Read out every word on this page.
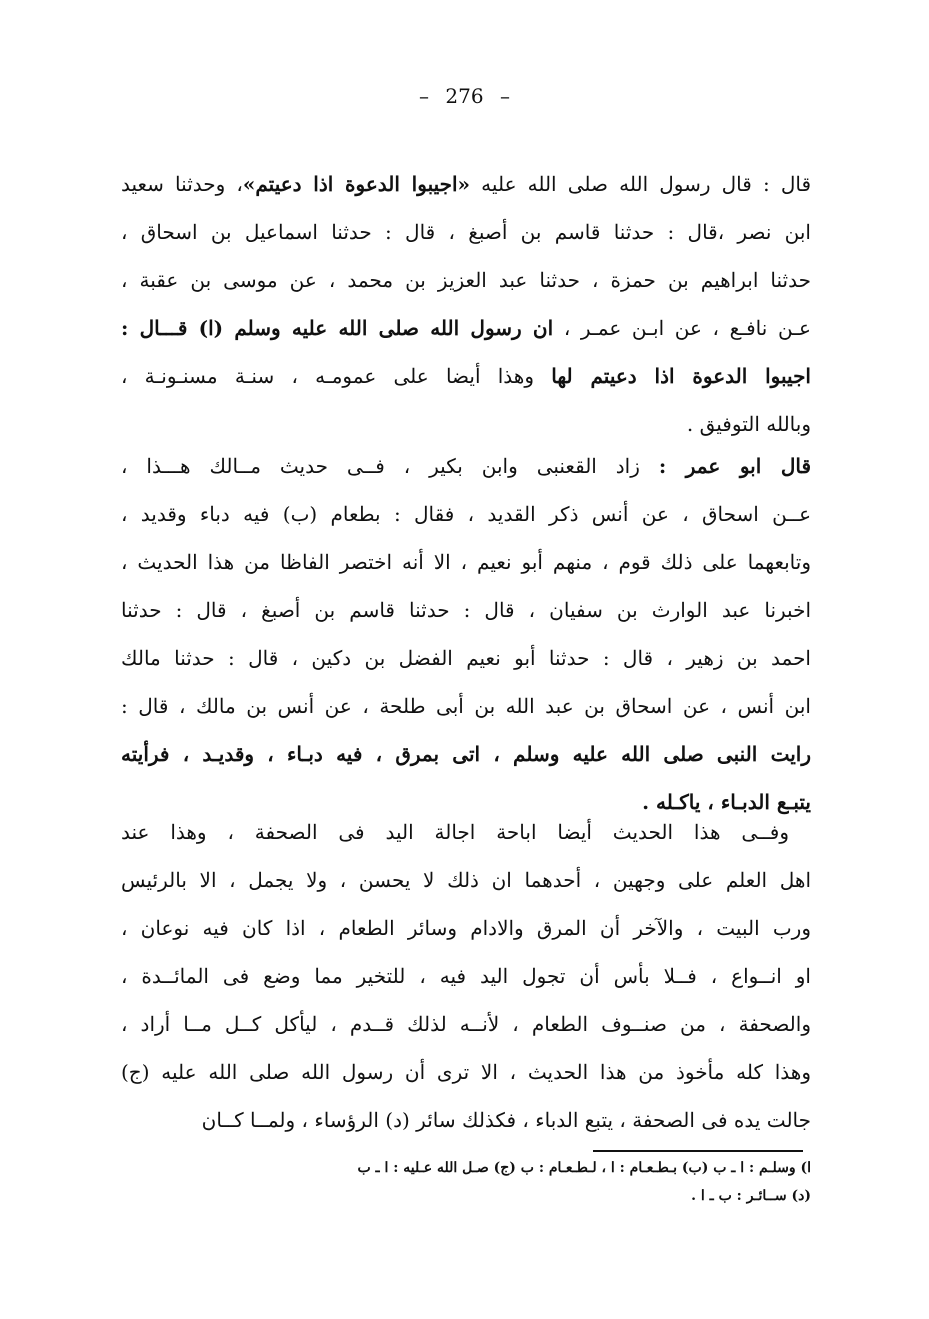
– 276 –
قال : قال رسول الله صلى الله عليه «اجيبوا الدعوة اذا دعيتم»، وحدثنا سعيد
ابن نصر ،قال : حدثنا قاسم بن أصبغ ، قال : حدثنا اسماعيل بن اسحاق ،
حدثنا ابراهيم بن حمزة ، حدثنا عبد العزيز بن محمد ، عن موسى بن عقبة ،
عـن نافـع ، عن ابـن عمـر ، ان رسول الله صلى الله عليه وسلم (ا) قـــال :
اجيبوا الدعوة اذا دعيتم لها وهذا أيضا على عمومـه ، سنـة مسنـونـة ،
وبالله التوفيق .
قال ابو عمر : زاد القعنبى وابن بكير ، فــى حديث مــالك هـــذا ،
عــن اسحاق ، عن أنس ذكر القديد ، فقال : بطعام (ب) فيه دباء وقديد ،
وتابعهما على ذلك قوم ، منهم أبو نعيم ، الا أنه اختصر الفاظا من هذا الحديث ،
اخبرنا عبد الوارث بن سفيان ، قال : حدثنا قاسم بن أصبغ ، قال : حدثنا
احمد بن زهير ، قال : حدثنا أبو نعيم الفضل بن دكين ، قال : حدثنا مالك
ابن أنس ، عن اسحاق بن عبد الله بن أبى طلحة ، عن أنس بن مالك ، قال :
رايت النبى صلى الله عليه وسلم ، اتى بمرق ، فيه دبـاء ، وقديـد ، فرأيته
يتبـع الدبـاء ، ياكـله .
وفــى هذا الحديث أيضا اباحة اجالة اليد فى الصحفة ، وهذا عند
اهل العلم على وجهين ، أحدهما ان ذلك لا يحسن ، ولا يجمل ، الا بالرئيس
ورب البيت ، والآخر أن المرق والادام وسائر الطعام ، اذا كان فيه نوعان ،
او انــواع ، فــلا بأس أن تجول اليد فيه ، للتخير مما وضع فى المائــدة ،
والصحفة ، من صنــوف الطعام ، لأنــه لذلك قــدم ، ليأكل كــل مــا أراد ،
وهذا كله مأخوذ من هذا الحديث ، الا ترى أن رسول الله صلى الله عليه (ج)
جالت يده فى الصحفة ، يتبع الدباء ، فكذلك سائر (د) الرؤساء ، ولمــا كــان
ا) وسلـم : ا ـ ب (ب) بـطـعـام : ا ، لـطـعـام : ب (ج) صـل الله عـليه : ا ـ ب
(د) ســائـر : ب ـ ا .
